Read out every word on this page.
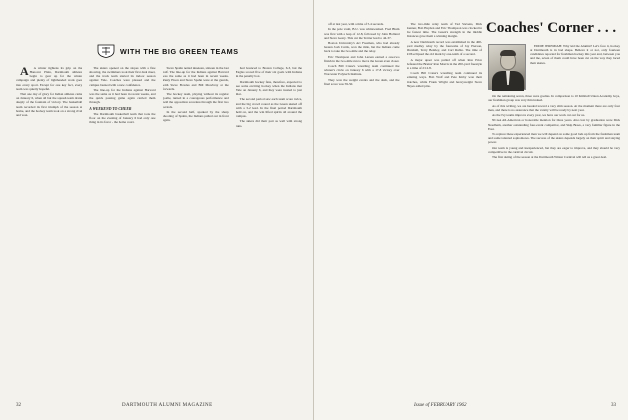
WITH THE BIG GREEN TEAMS

A A winter tightens its grip on the Hanover Plain, Dartmouth athletes begin to gear up for the winter campaign and plenty of lightheaded work goes into every sport. Except for one key fact, every team was quietly hopeful.

That one day of glory for Indian athletes came on January 6, when all but the squash team drank deeply of the fountain of victory. The basketball team recorded its first triumph of the season at home, and the hockey team took on a strong rival and won.

The skiers opened on the slopes with a fine showing, the swimmers took their first dual meet, and the track team started its indoor season against Yale. Coaches were pleased and the campus buzzed with a new confidence.

The line-up for the Indians against Harvard was the same as it had been in recent weeks, and the quick passing game again carried them through.

A WEEKEND TO CHEER

The Dartmouth basketball team that took the floor on the evening of January 6 had only one thing in its favor - the home court.

Steve Spahn netted nineteen, sixteen in the last half. The line-up for the Indians against Harvard was the same as it had been in recent weeks. Rusty Eison and Steve Spahn were at the guards, with Steve Bowles and Bill Mowbray at the forwards.

The hockey team, playing without its regular goalie, turned in a courageous performance and held the opposition scoreless through the first two periods.

In the second half, sparked by the sharp shooting of Spahn, the Indians pulled out in front again.

had bounced to Boston College, 6-3, but the Eagles scored five of their six goals with Indians in the penalty box.

Dartmouth hockey fans, therefore, expected to see some exciting hockey when the Indians met Yale on January 6, and they were treated to just that.

The second period saw each team score twice, and the big crowd roared as the Green skated off with a 3-2 lead. In the final period Dartmouth held on, and the win lifted spirits all around the campus.

The skiers did their part as well with strong runs.

32	DARTMOUTH ALUMNI MAGAZINE
Coaches' Corner . . .

off at last year, with a time of 5.4 seconds.

In the pole vault, B.U. was whitewashed. Fred Blum was first with a leap of 12-8, followed by John Holland and Steve Geary. This cut the Terrier lead to 44-37.

Boston University's Art Freeman, who had already beaten Josh Curtis, won the mile, but the Indians came back to take the two-mile and the relay.

Eric Thompson and John Larsen earned a one-two finish in the two-mile run to move the Green even closer.

Coach Bill Crane's wrestling team continued the winner's circle on January 6 with a 17-8 victory over Worcester Polytech Institute.

They won the weight events and the dash, and the final score was 59-50.

The two-mile relay team of Ted Stevens, Dick Kenner, Bob Hayden and Eric Thompson was clocked in the fastest time. The Green's strength in the middle distances gave them a winning margin.

A new Dartmouth record was established in the 400-yard medley relay by the foursome of Jay Pierson, Marshall, Terry Bentley, and Carl Ruble. The time of 4:06 eclipsed the old mark by one-tenth of a second.

A major upset was pulled off when Ron Price defeated the Bruins' Ron Morris in the 200-yard freestyle in a time of 2:12.8.

Coach Bill Crane's wrestling team continued its winning ways. Bob Wolf and Pete Kirby won their matches, while Frank Wright and heavyweight Steve Hayes added pins.

EDDIE JEREMIAH: Why kid the Alumni? Let's face it, hockey at Dartmouth is in bad shape. Believe it or not, only fourteen candidates reported for freshman hockey this year and, between you and me, seven of them could have been cut on the way they laced their skates.

On the remaining seven, three were goalies. In comparison to 10 Kimball Union Academy boys, our freshman group was very thin indeed.

As of this writing, we are headed toward a very slim season. At the moment there are only four men, and there is no assurance that the varsity will be ready by next year.

As the Ivy teams improve every year, we have our work cut out for us.

NCAA All-American or honorable mention for three years. Also lost by graduation were Dick Needham, another outstanding four-event competitor, and Skip Brees, a very familiar figure in the East.

To replace these experienced men we will depend on some good lads up from the freshman team and some talented sophomores. The success of the skiers depends largely on their spirit and staying power.

Our team is young and inexperienced, but they are eager to improve, and they should be very competitive in the carnival circuit.

The first skiing of the season at the Dartmouth Winter Carnival will tell us a great deal.

Issue of FEBRUARY 1962	33
